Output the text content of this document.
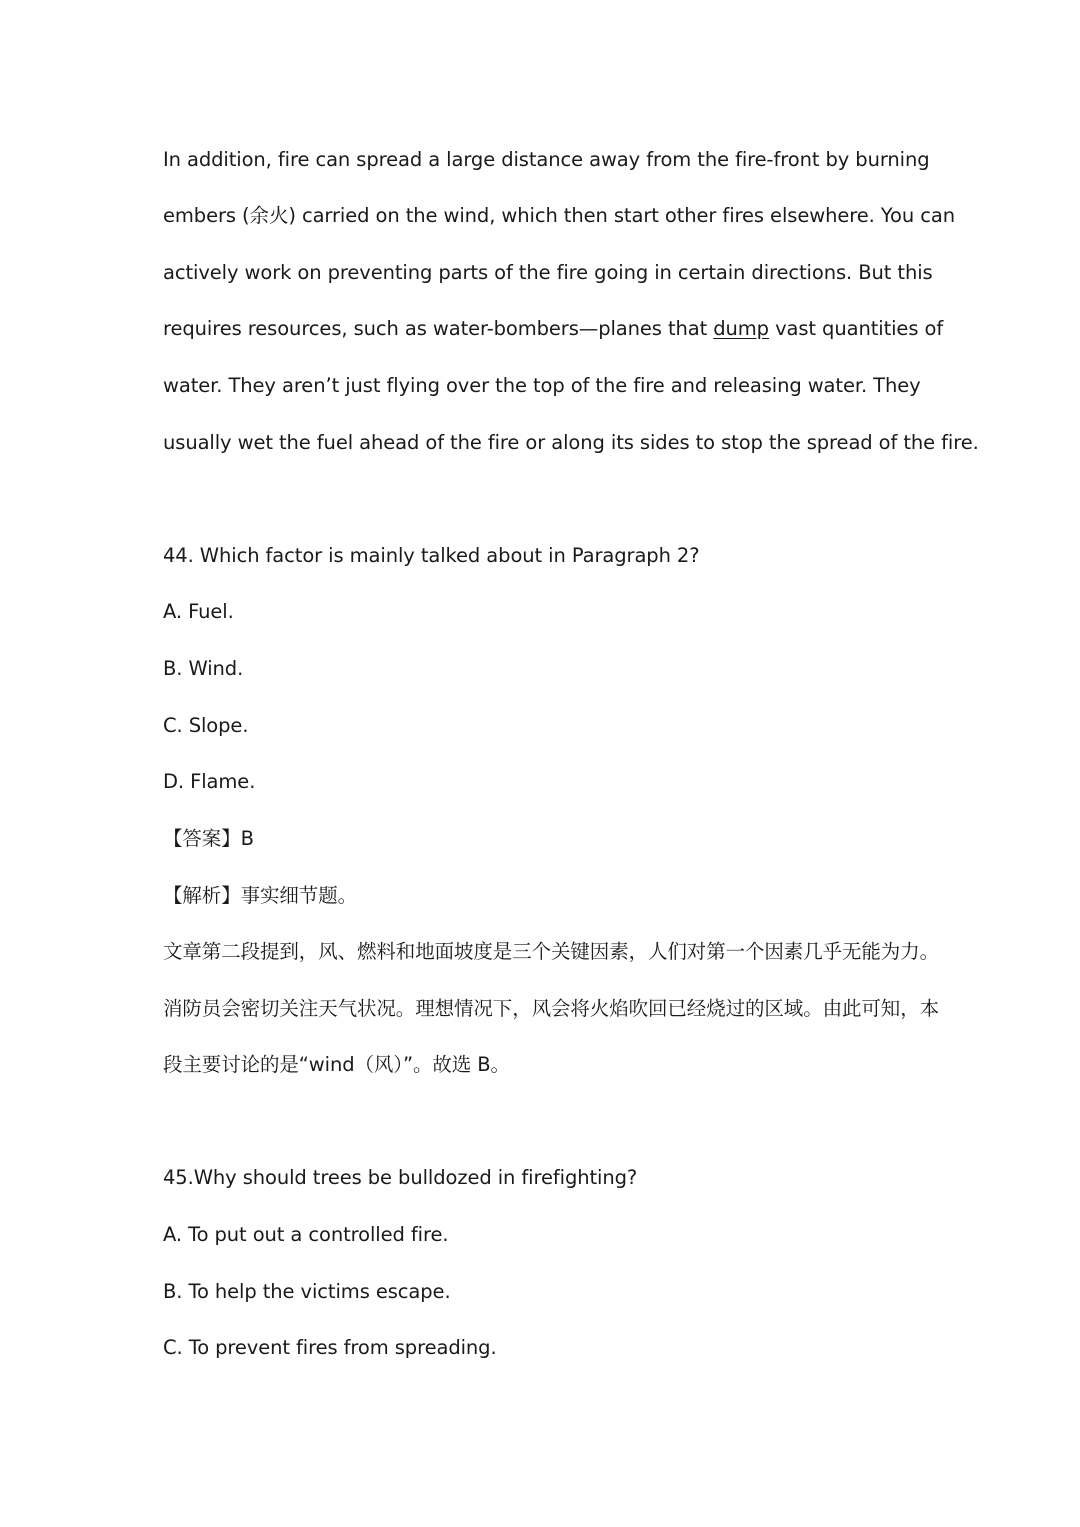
In addition, fire can spread a large distance away from the fire-front by burning
embers (余火) carried on the wind, which then start other fires elsewhere. You can
actively work on preventing parts of the fire going in certain directions. But this
requires resources, such as water-bombers—planes that dump vast quantities of
water. They aren’t just flying over the top of the fire and releasing water. They
usually wet the fuel ahead of the fire or along its sides to stop the spread of the fire.
44. Which factor is mainly talked about in Paragraph 2?
A. Fuel.
B. Wind.
C. Slope.
D. Flame.
【答案】B
【解析】事实细节题。
文章第二段提到，风、燃料和地面坡度是三个关键因素，人们对第一个因素几乎无能为力。
消防员会密切关注天气状况。理想情况下，风会将火焰吹回已经烧过的区域。由此可知，本
段主要讨论的是“wind（风）”。故选 B。
45.Why should trees be bulldozed in firefighting?
A. To put out a controlled fire.
B. To help the victims escape.
C. To prevent fires from spreading.
